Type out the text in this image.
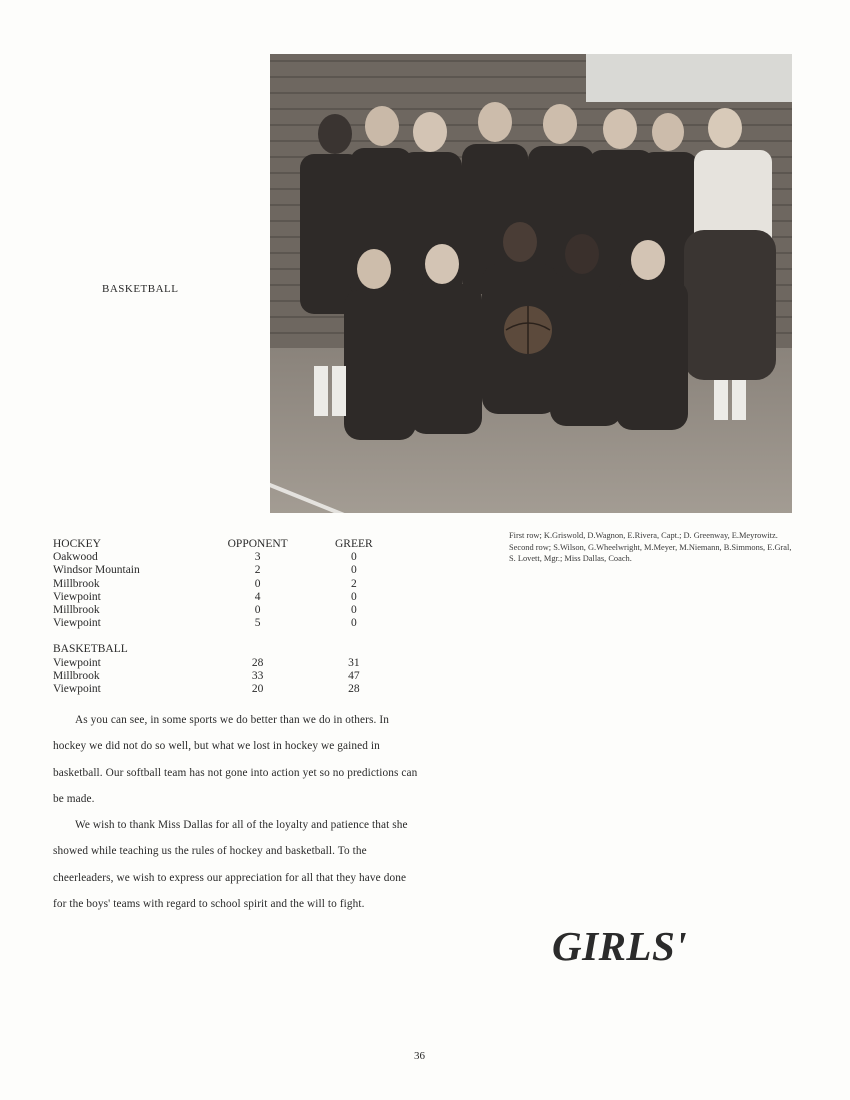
BASKETBALL
First row; K.Griswold, D.Wagnon, E.Rivera, Capt.; D. Greenway, E.Meyrowitz. Second row; S.Wilson, G.Wheelwright, M.Meyer, M.Niemann, B.Simmons, E.Gral, S. Lovett, Mgr.; Miss Dallas, Coach.
HOCKEY	OPPONENT	GREER
Oakwood	3	0
Windsor Mountain	2	0
Millbrook	0	2
Viewpoint	4	0
Millbrook	0	0
Viewpoint	5	0
BASKETBALL
Viewpoint	28	31
Millbrook	33	47
Viewpoint	20	28

As you can see, in some sports we do better than we do in others. In hockey we did not do so well, but what we lost in hockey we gained in basketball. Our softball team has not gone into action yet so no predictions can be made.

We wish to thank Miss Dallas for all of the loyalty and patience that she showed while teaching us the rules of hockey and basketball. To the cheerleaders, we wish to express our appreciation for all that they have done for the boys' teams with regard to school spirit and the will to fight.

GIRLS'
36
